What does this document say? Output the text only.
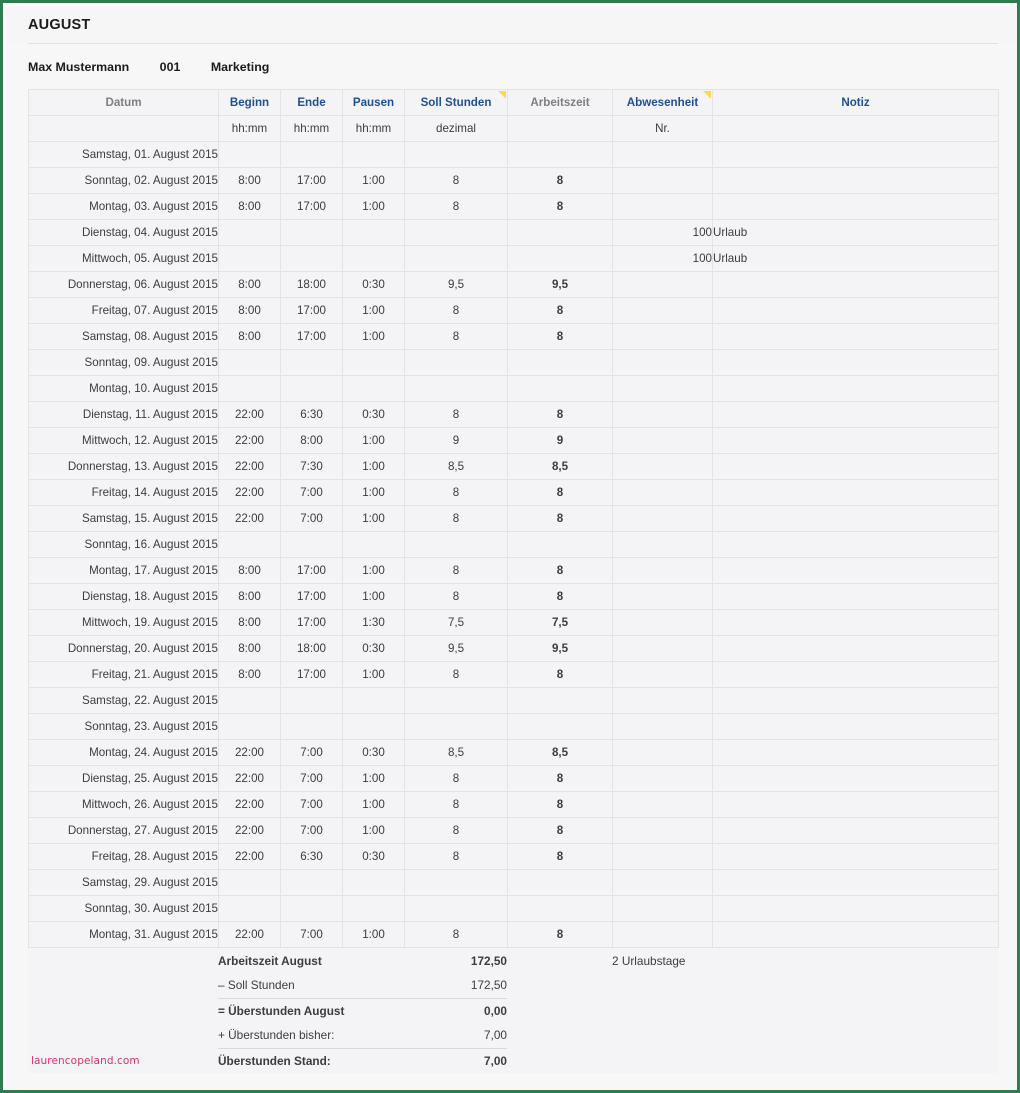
AUGUST
Max Mustermann 001 Marketing
Datum	Beginn	Ende	Pausen	Soll Stunden	Arbeitszeit	Abwesenheit	Notiz
	hh:mm	hh:mm	hh:mm	dezimal		Nr.	
Samstag, 01. August 2015							
Sonntag, 02. August 2015	8:00	17:00	1:00	8	8		
Montag, 03. August 2015	8:00	17:00	1:00	8	8		
Dienstag, 04. August 2015						100	Urlaub
Mittwoch, 05. August 2015						100	Urlaub
Donnerstag, 06. August 2015	8:00	18:00	0:30	9,5	9,5		
Freitag, 07. August 2015	8:00	17:00	1:00	8	8		
Samstag, 08. August 2015	8:00	17:00	1:00	8	8		
Sonntag, 09. August 2015							
Montag, 10. August 2015							
Dienstag, 11. August 2015	22:00	6:30	0:30	8	8		
Mittwoch, 12. August 2015	22:00	8:00	1:00	9	9		
Donnerstag, 13. August 2015	22:00	7:30	1:00	8,5	8,5		
Freitag, 14. August 2015	22:00	7:00	1:00	8	8		
Samstag, 15. August 2015	22:00	7:00	1:00	8	8		
Sonntag, 16. August 2015							
Montag, 17. August 2015	8:00	17:00	1:00	8	8		
Dienstag, 18. August 2015	8:00	17:00	1:00	8	8		
Mittwoch, 19. August 2015	8:00	17:00	1:30	7,5	7,5		
Donnerstag, 20. August 2015	8:00	18:00	0:30	9,5	9,5		
Freitag, 21. August 2015	8:00	17:00	1:00	8	8		
Samstag, 22. August 2015							
Sonntag, 23. August 2015							
Montag, 24. August 2015	22:00	7:00	0:30	8,5	8,5		
Dienstag, 25. August 2015	22:00	7:00	1:00	8	8		
Mittwoch, 26. August 2015	22:00	7:00	1:00	8	8		
Donnerstag, 27. August 2015	22:00	7:00	1:00	8	8		
Freitag, 28. August 2015	22:00	6:30	0:30	8	8		
Samstag, 29. August 2015							
Sonntag, 30. August 2015							
Montag, 31. August 2015	22:00	7:00	1:00	8	8		
	Arbeitszeit August	172,50		2 Urlaubstage
	– Soll Stunden	172,50		
	= Überstunden August	0,00		
	+ Überstunden bisher:	7,00		
	Überstunden Stand:	7,00		
laurencopeland.com
